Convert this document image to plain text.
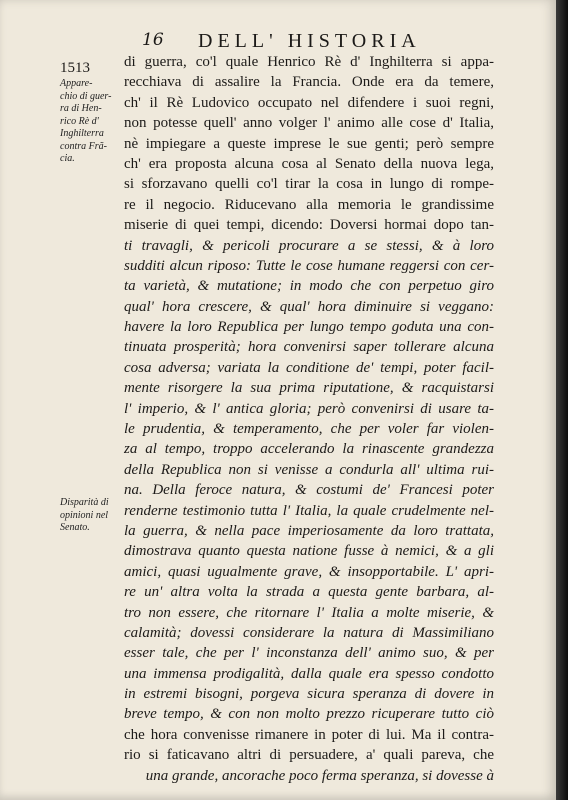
16 DELL' HISTORIA
1513
Appare-
chio di guer-
ra di Hen-
rico Rè d'
Inghilterra
contra Frã-
cia.
Disparità di
opinioni nel
Senato.
di guerra, co'l quale Henrico Rè d' Inghilterra si appa-
recchiava di assalire la Francia. Onde era da temere,
ch' il Rè Ludovico occupato nel difendere i suoi regni,
non potesse quell' anno volger l' animo alle cose d' Italia,
nè impiegare a queste imprese le sue genti; però sempre
ch' era proposta alcuna cosa al Senato della nuova lega,
si sforzavano quelli co'l tirar la cosa in lungo di rompe-
re il negocio. Riducevano alla memoria le grandissime
miserie di quei tempi, dicendo: Doversi hormai dopo tan-
ti travagli, & pericoli procurare a se stessi, & à loro
sudditi alcun riposo: Tutte le cose humane reggersi con cer-
ta varietà, & mutatione; in modo che con perpetuo giro
qual' hora crescere, & qual' hora diminuire si veggano:
havere la loro Republica per lungo tempo goduta una con-
tinuata prosperità; hora convenirsi saper tollerare alcuna
cosa adversa; variata la conditione de' tempi, poter facil-
mente risorgere la sua prima riputatione, & racquistarsi
l' imperio, & l' antica gloria; però convenirsi di usare ta-
le prudentia, & temperamento, che per voler far violen-
za al tempo, troppo accelerando la rinascente grandezza
della Republica non si venisse a condurla all' ultima rui-
na. Della feroce natura, & costumi de' Francesi poter
renderne testimonio tutta l' Italia, la quale crudelmente nel-
la guerra, & nella pace imperiosamente da loro trattata,
dimostrava quanto questa natione fusse à nemici, & a gli
amici, quasi ugualmente grave, & insopportabile. L' apri-
re un' altra volta la strada a questa gente barbara, al-
tro non essere, che ritornare l' Italia a molte miserie, &
calamità; dovessi considerare la natura di Massimiliano
esser tale, che per l' inconstanza dell' animo suo, & per
una immensa prodigalità, dalla quale era spesso condotto
in estremi bisogni, porgeva sicura speranza di dovere in
breve tempo, & con non molto prezzo ricuperare tutto ciò
che hora convenisse rimanere in poter di lui. Ma il contra-
rio si faticavano altri di persuadere, a' quali pareva, che
una grande, ancorache poco ferma speranza, si dovesse à
